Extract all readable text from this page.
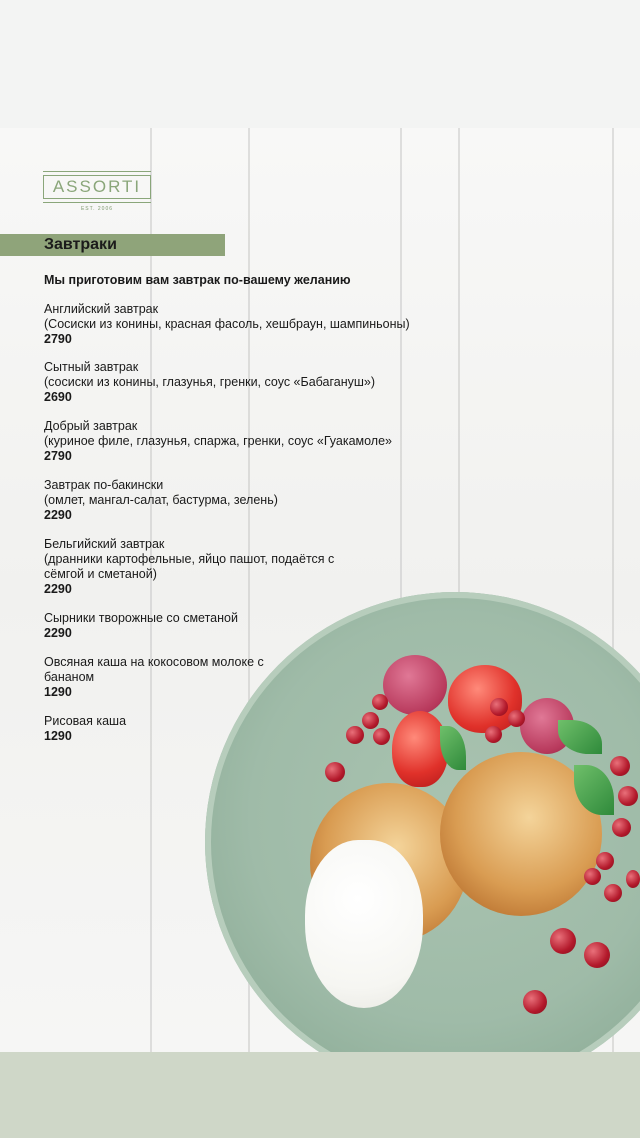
ASSORTI
EST. 2006
Завтраки
Мы приготовим вам завтрак по-вашему желанию
Английский завтрак
(Сосиски из конины, красная фасоль, хешбраун, шампиньоны)
2790
Сытный завтрак
(сосиски из конины, глазунья, гренки, соус «Бабагануш»)
2690
Добрый завтрак
(куриное филе, глазунья, спаржа, гренки, соус «Гуакамоле»
2790
Завтрак по-бакински
(омлет, мангал-салат, бастурма, зелень)
2290
Бельгийский завтрак
(дранники картофельные, яйцо пашот, подаётся с сёмгой и сметаной)
2290
Сырники творожные со сметаной
2290
Овсяная каша на кокосовом молоке с бананом
1290
Рисовая каша
1290
